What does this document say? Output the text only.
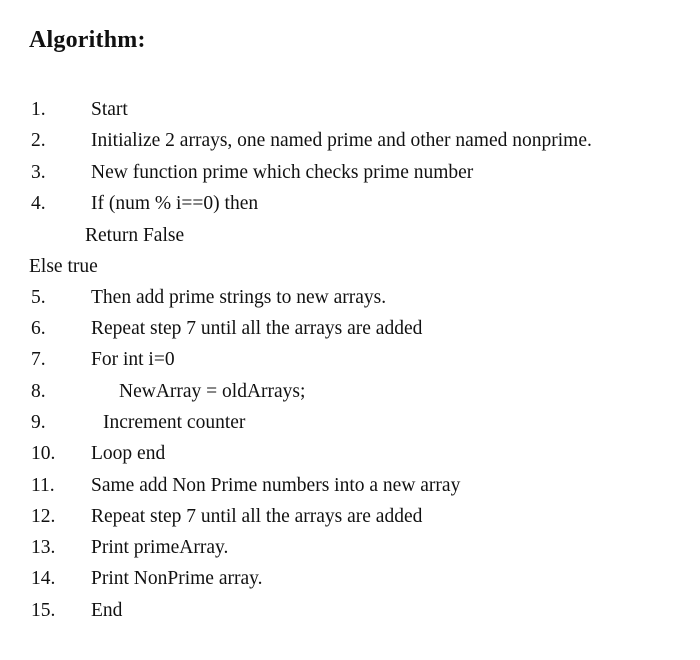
Algorithm:
1. Start
2. Initialize 2 arrays, one named prime and other named nonprime.
3. New function prime which checks prime number
4. If (num % i==0) then
Return False
Else true
5. Then add prime strings to new arrays.
6. Repeat step 7 until all the arrays are added
7. For int i=0
8.	NewArray = oldArrays;
9.	Increment counter
10. Loop end
11. Same add Non Prime numbers into a new array
12. Repeat step 7 until all the arrays are added
13. Print primeArray.
14. Print NonPrime array.
15. End
